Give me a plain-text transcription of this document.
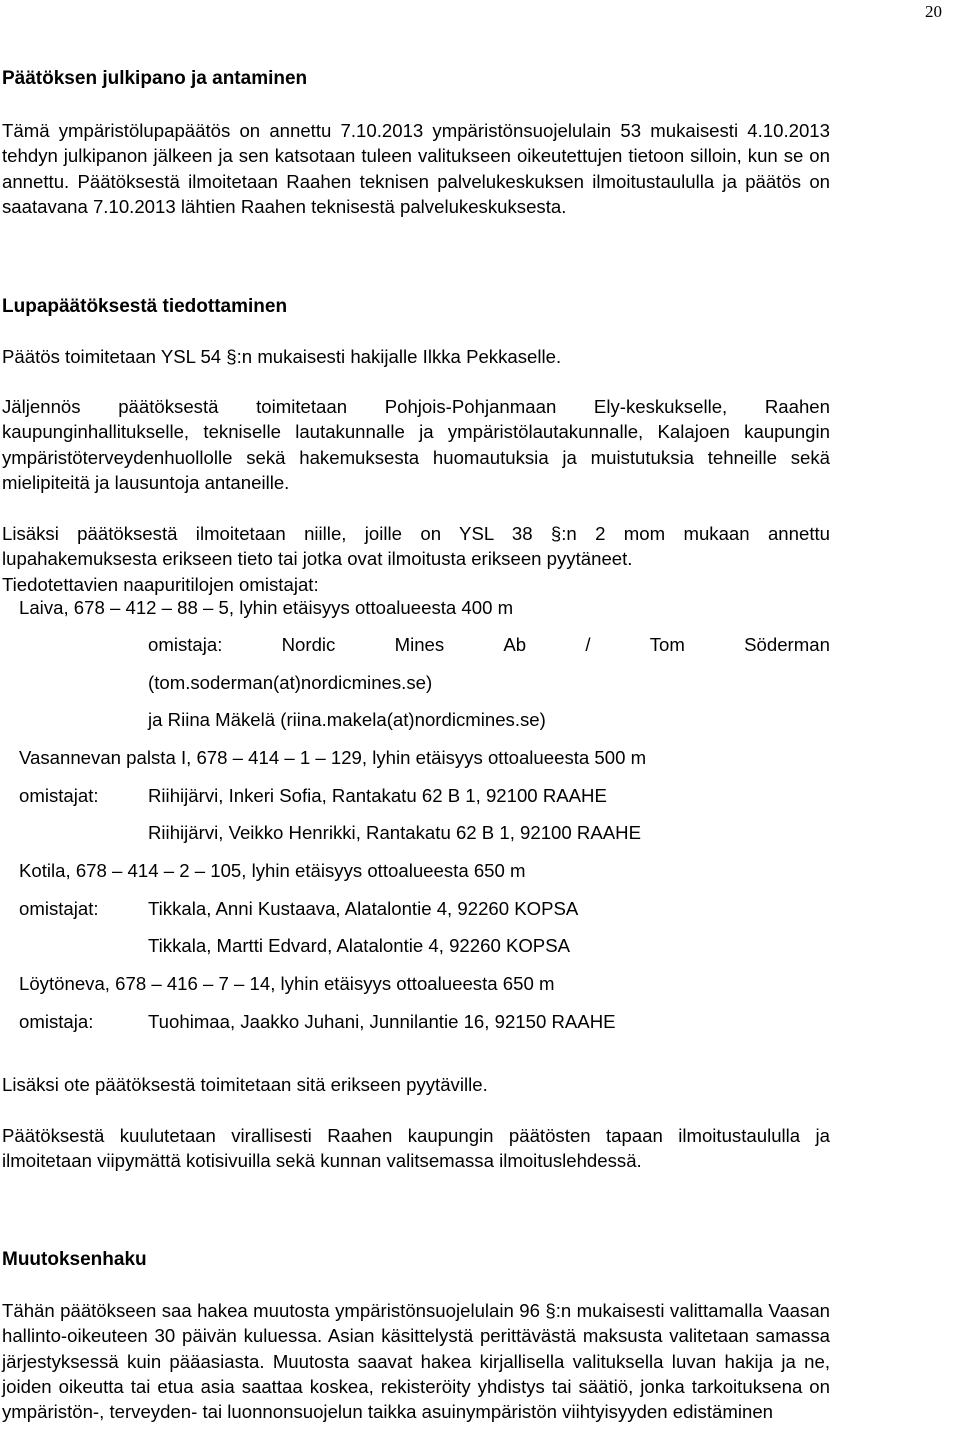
20
Päätöksen julkipano ja antaminen
Tämä ympäristölupapäätös on annettu 7.10.2013 ympäristönsuojelulain 53 mukaisesti 4.10.2013 tehdyn julkipanon jälkeen ja sen katsotaan tuleen valitukseen oikeutettujen tietoon silloin, kun se on annettu. Päätöksestä ilmoitetaan Raahen teknisen palvelukeskuksen ilmoitustaululla ja päätös on saatavana 7.10.2013 lähtien Raahen teknisestä palvelukeskuksesta.
Lupapäätöksestä tiedottaminen
Päätös toimitetaan YSL 54 §:n mukaisesti hakijalle Ilkka Pekkaselle.
Jäljennös päätöksestä toimitetaan Pohjois-Pohjanmaan Ely-keskukselle, Raahen kaupunginhallitukselle, tekniselle lautakunnalle ja ympäristölautakunnalle, Kalajoen kaupungin ympäristöterveydenhuollolle sekä hakemuksesta huomautuksia ja muistutuksia tehneille sekä mielipiteitä ja lausuntoja antaneille.
Lisäksi päätöksestä ilmoitetaan niille, joille on YSL 38 §:n 2 mom mukaan annettu lupahakemuksesta erikseen tieto tai jotka ovat ilmoitusta erikseen pyytäneet.
Tiedotettavien naapuritilojen omistajat:
Laiva, 678 – 412 – 88 – 5, lyhin etäisyys ottoalueesta 400 m
omistaja:	Nordic	Mines	Ab	/	Tom	Söderman
(tom.soderman(at)nordicmines.se)
ja Riina Mäkelä (riina.makela(at)nordicmines.se)
Vasannevan palsta I, 678 – 414 – 1 – 129, lyhin etäisyys ottoalueesta 500 m
omistajat:	Riihijärvi, Inkeri Sofia, Rantakatu 62 B 1, 92100 RAAHE
Riihijärvi, Veikko Henrikki, Rantakatu 62 B 1, 92100 RAAHE
Kotila, 678 – 414 – 2 – 105, lyhin etäisyys ottoalueesta 650 m
omistajat:	Tikkala, Anni Kustaava, Alatalontie 4, 92260 KOPSA
Tikkala, Martti Edvard, Alatalontie 4, 92260 KOPSA
Löytöneva, 678 – 416 – 7 – 14, lyhin etäisyys ottoalueesta 650 m
omistaja:	Tuohimaa, Jaakko Juhani, Junnilantie 16, 92150 RAAHE
Lisäksi ote päätöksestä toimitetaan sitä erikseen pyytäville.
Päätöksestä kuulutetaan virallisesti Raahen kaupungin päätösten tapaan ilmoitustaululla ja ilmoitetaan viipymättä kotisivuilla sekä kunnan valitsemassa ilmoituslehdessä.
Muutoksenhaku
Tähän päätökseen saa hakea muutosta ympäristönsuojelulain 96 §:n mukaisesti valittamalla Vaasan hallinto-oikeuteen 30 päivän kuluessa. Asian käsittelystä perittävästä maksusta valitetaan samassa järjestyksessä kuin pääasiasta. Muutosta saavat hakea kirjallisella valituksella luvan hakija ja ne, joiden oikeutta tai etua asia saattaa koskea, rekisteröity yhdistys tai säätiö, jonka tarkoituksena on ympäristön-, terveyden- tai luonnonsuojelun taikka asuinympäristön viihtyisyyden edistäminen
